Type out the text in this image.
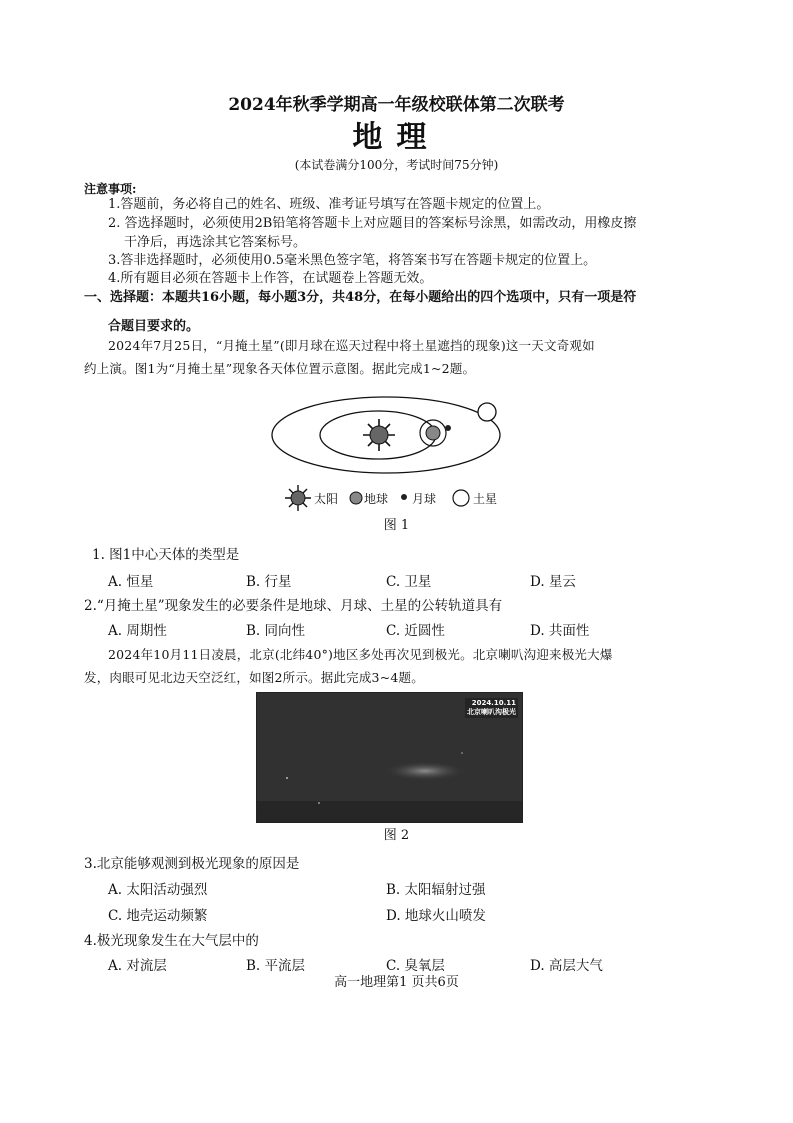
2024年秋季学期高一年级校联体第二次联考
地理
(本试卷满分100分，考试时间75分钟)
注意事项:
1.答题前，务必将自己的姓名、班级、准考证号填写在答题卡规定的位置上。
2. 答选择题时，必须使用2B铅笔将答题卡上对应题目的答案标号涂黑，如需改动，用橡皮擦
干净后，再选涂其它答案标号。
3.答非选择题时，必须使用0.5毫米黑色签字笔，将答案书写在答题卡规定的位置上。
4.所有题目必须在答题卡上作答，在试题卷上答题无效。
一、选择题：本题共16小题，每小题3分，共48分，在每小题给出的四个选项中，只有一项是符
合题目要求的。
2024年7月25日，“月掩土星”(即月球在巡天过程中将土星遮挡的现象)这一天文奇观如
约上演。图1为“月掩土星”现象各天体位置示意图。据此完成1~2题。
太阳 地球 月球	土星
图 1
1. 图1中心天体的类型是
A. 恒星	B. 行星	C. 卫星	D. 星云
2.“月掩土星”现象发生的必要条件是地球、月球、土星的公转轨道具有
A. 周期性	B. 同向性	C. 近圆性	D. 共面性
2024年10月11日凌晨，北京(北纬40°)地区多处再次见到极光。北京喇叭沟迎来极光大爆
发，肉眼可见北边天空泛红，如图2所示。据此完成3~4题。
2024.10.11
北京喇叭沟极光
图 2
3.北京能够观测到极光现象的原因是
A. 太阳活动强烈	B. 太阳辐射过强
C. 地壳运动频繁	D. 地球火山喷发
4.极光现象发生在大气层中的
A. 对流层	B. 平流层	C. 臭氧层	D. 高层大气
高一地理第1 页共6页
